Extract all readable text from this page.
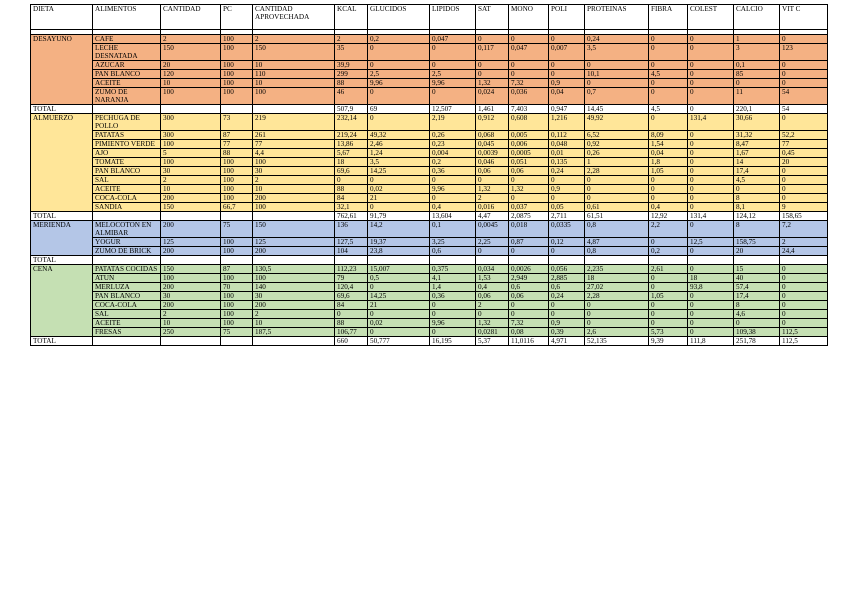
DIETA	ALIMENTOS	CANTIDAD	PC	CANTIDAD APROVECHADA	KCAL	GLUCIDOS	LIPIDOS	SAT	MONO	POLI	PROTEINAS	FIBRA	COLEST	CALCIO	VIT C

DESAYUNO	CAFE	2	100	2	2	0,2	0,047	0	0	0	0,24	0	0	1	0
	LECHE DESNATADA	150	100	150	35	0	0	0,117	0,047	0,007	3,5	0	0	3	123
	AZUCAR	20	100	10	39,9	0	0	0	0	0	0	0	0	0,1	0
	PAN BLANCO	120	100	110	299	2,5	2,5	0	0	0	10,1	4,5	0	85	0
	ACEITE	10	100	10	88	9,96	9,96	1,32	7,32	0,9	0	0	0	0	0
	ZUMO DE NARANJA	100	100	100	46	0	0	0,024	0,036	0,04	0,7	0	0	11	54
TOTAL					507,9	69	12,507	1,461	7,403	0,947	14,45	4,5	0	220,1	54
ALMUERZO	PECHUGA DE POLLO	300	73	219	232,14	0	2,19	0,912	0,608	1,216	49,92	0	131,4	30,66	0
	PATATAS	300	87	261	219,24	49,32	0,26	0,068	0,005	0,112	6,52	8,09	0	31,32	52,2
	PIMIENTO VERDE	100	77	77	13,86	2,46	0,23	0,045	0,006	0,048	0,92	1,54	0	8,47	77
	AJO	5	88	4,4	5,67	1,24	0,004	0,0039	0,0005	0,01	0,26	0,04	0	1,67	0,45
	TOMATE	100	100	100	18	3,5	0,2	0,046	0,051	0,135	1	1,8	0	14	20
	PAN BLANCO	30	100	30	69,6	14,25	0,36	0,06	0,06	0,24	2,28	1,05	0	17,4	0
	SAL	2	100	2	0	0	0	0	0	0	0	0	0	4,5	0
	ACEITE	10	100	10	88	0,02	9,96	1,32	1,32	0,9	0	0	0	0	0
	COCA-COLA	200	100	200	84	21	0	2	0	0	0	0	0	8	0
	SANDIA	150	66,7	100	32,1	0	0,4	0,016	0,037	0,05	0,61	0,4	0	8,1	9
TOTAL					762,61	91,79	13,604	4,47	2,0875	2,711	61,51	12,92	131,4	124,12	158,65
MERIENDA	MELOCOTON EN ALMIBAR	200	75	150	136	14,2	0,1	0,0045	0,018	0,0335	0,8	2,2	0	8	7,2
	YOGUR	125	100	125	127,5	19,37	3,25	2,25	0,87	0,12	4,87	0	12,5	158,75	2
	ZUMO DE BRICK	200	100	200	104	23,8	0,6	0	0	0	0,8	0,2	0	20	24,4
TOTAL															
CENA	PATATAS COCIDAS	150	87	130,5	112,23	15,007	0,375	0,034	0,0026	0,056	2,235	2,61	0	15	0
	ATUN	100	100	100	79	0,5	4,1	1,53	2,949	2,885	18	0	18	40	0
	MERLUZA	200	70	140	120,4	0	1,4	0,4	0,6	0,6	27,02	0	93,8	57,4	0
	PAN BLANCO	30	100	30	69,6	14,25	0,36	0,06	0,06	0,24	2,28	1,05	0	17,4	0
	COCA-COLA	200	100	200	84	21	0	2	0	0	0	0	0	8	0
	SAL	2	100	2	0	0	0	0	0	0	0	0	0	4,6	0
	ACEITE	10	100	10	88	0,02	9,96	1,32	7,32	0,9	0	0	0	0	0
	FRESAS	250	75	187,5	106,77	0	0	0,0281	0,08	0,39	2,6	5,73	0	109,38	112,5
TOTAL					660	50,777	16,195	5,37	11,0116	4,971	52,135	9,39	111,8	251,78	112,5
